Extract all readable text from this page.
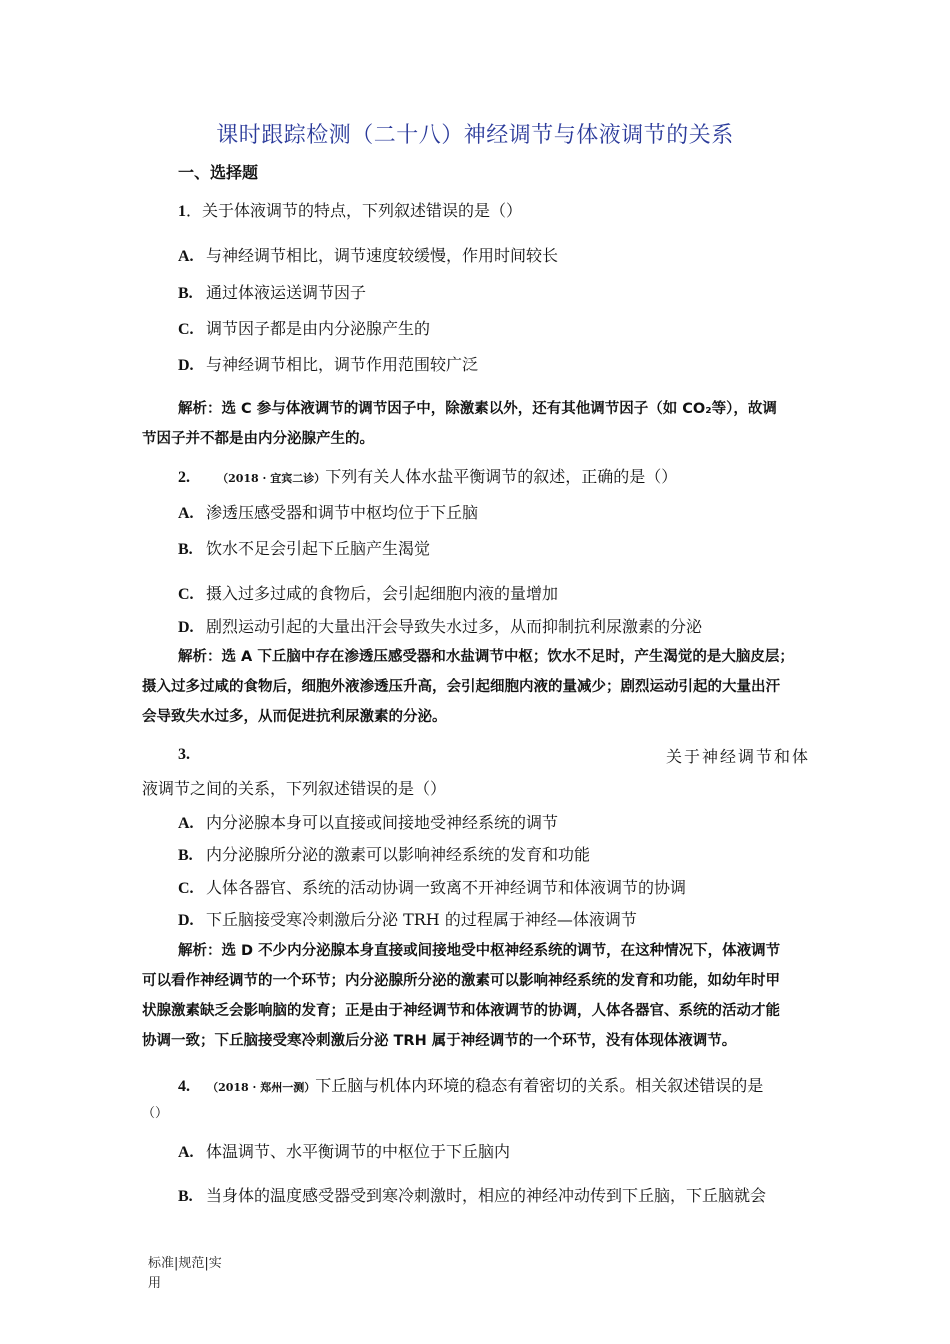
课时跟踪检测（二十八）神经调节与体液调节的关系
一、选择题
1．关于体液调节的特点，下列叙述错误的是（）
A. 与神经调节相比，调节速度较缓慢，作用时间较长
B. 通过体液运送调节因子
C. 调节因子都是由内分泌腺产生的
D. 与神经调节相比，调节作用范围较广泛
解析：选 C 参与体液调节的调节因子中，除激素以外，还有其他调节因子（如 CO₂等），故调
节因子并不都是由内分泌腺产生的。
2. （2018 · 宜宾二诊）下列有关人体水盐平衡调节的叙述，正确的是（）
A. 渗透压感受器和调节中枢均位于下丘脑
B. 饮水不足会引起下丘脑产生渴觉
C. 摄入过多过咸的食物后，会引起细胞内液的量增加
D. 剧烈运动引起的大量出汗会导致失水过多，从而抑制抗利尿激素的分泌
解析：选 A 下丘脑中存在渗透压感受器和水盐调节中枢；饮水不足时，产生渴觉的是大脑皮层；
摄入过多过咸的食物后，细胞外液渗透压升高，会引起细胞内液的量减少；剧烈运动引起的大量出汗
会导致失水过多，从而促进抗利尿激素的分泌。
3.	关于神经调节和体
液调节之间的关系，下列叙述错误的是（）
A. 内分泌腺本身可以直接或间接地受神经系统的调节
B. 内分泌腺所分泌的激素可以影响神经系统的发育和功能
C. 人体各器官、系统的活动协调一致离不开神经调节和体液调节的协调
D. 下丘脑接受寒冷刺激后分泌 TRH 的过程属于神经—体液调节
解析：选 D 不少内分泌腺本身直接或间接地受中枢神经系统的调节，在这种情况下，体液调节
可以看作神经调节的一个环节；内分泌腺所分泌的激素可以影响神经系统的发育和功能，如幼年时甲
状腺激素缺乏会影响脑的发育；正是由于神经调节和体液调节的协调，人体各器官、系统的活动才能
协调一致；下丘脑接受寒冷刺激后分泌 TRH 属于神经调节的一个环节，没有体现体液调节。
4. （2018 · 郑州一测）下丘脑与机体内环境的稳态有着密切的关系。相关叙述错误的是
（）
A. 体温调节、水平衡调节的中枢位于下丘脑内
B. 当身体的温度感受器受到寒冷刺激时，相应的神经冲动传到下丘脑，下丘脑就会
标准|规范|实
用
